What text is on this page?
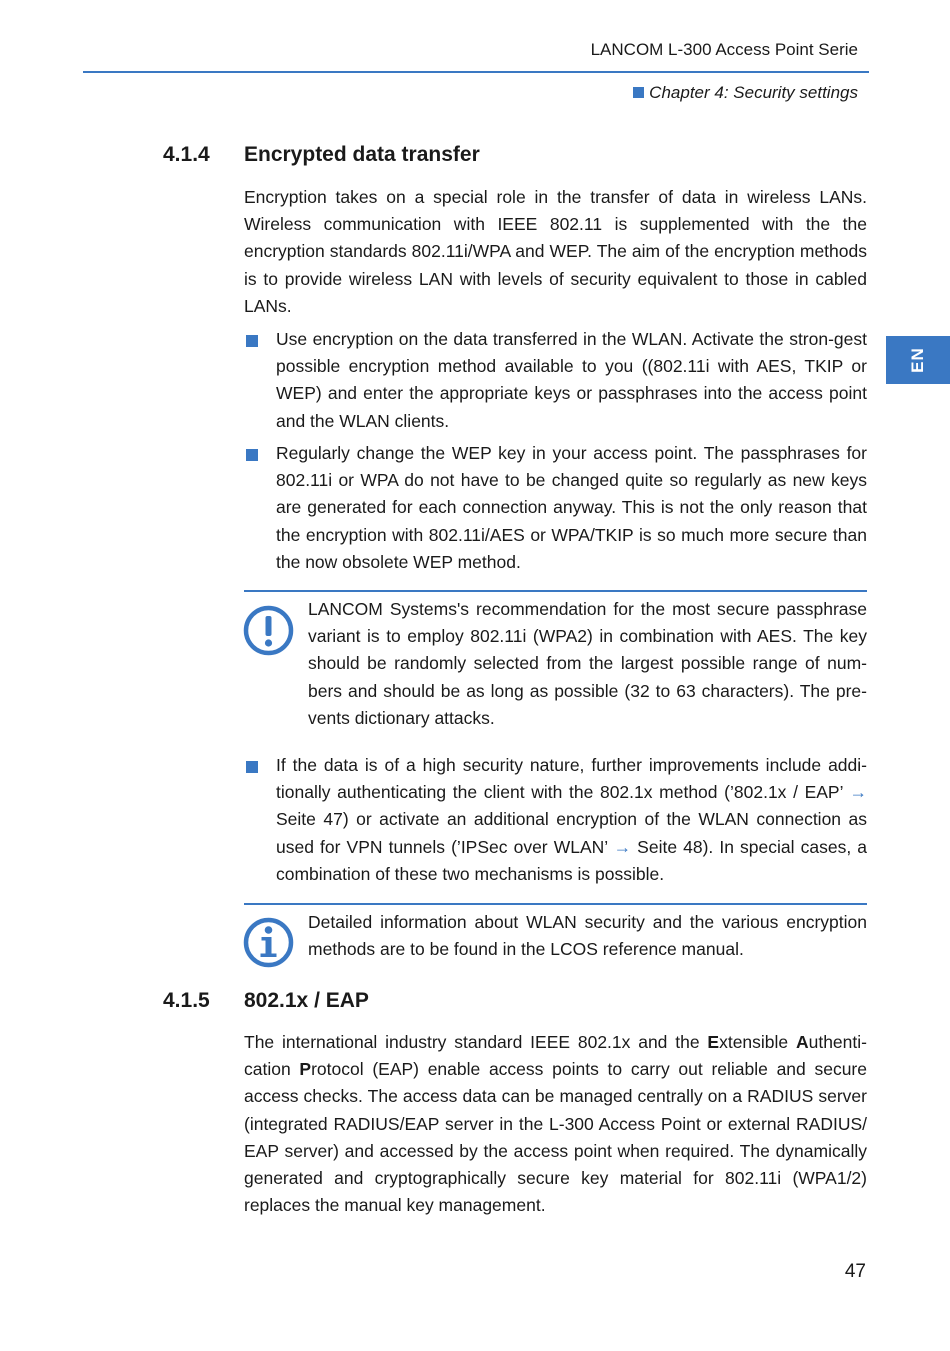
LANCOM L-300 Access Point Serie
Chapter 4: Security settings
EN
4.1.4 Encrypted data transfer
Encryption takes on a special role in the transfer of data in wireless LANs. Wireless communication with IEEE 802.11 is supplemented with the the encryption standards 802.11i/WPA and WEP. The aim of the encryption methods is to provide wireless LAN with levels of security equivalent to those in cabled LANs.
Use encryption on the data transferred in the WLAN. Activate the stron-gest possible encryption method available to you ((802.11i with AES, TKIP or WEP) and enter the appropriate keys or passphrases into the access point and the WLAN clients.
Regularly change the WEP key in your access point. The passphrases for 802.11i or WPA do not have to be changed quite so regularly as new keys are generated for each connection anyway. This is not the only reason that the encryption with 802.11i/AES or WPA/TKIP is so much more secure than the now obsolete WEP method.
LANCOM Systems's recommendation for the most secure passphrase variant is to employ 802.11i (WPA2) in combination with AES. The key should be randomly selected from the largest possible range of num-bers and should be as long as possible (32 to 63 characters). The pre-vents dictionary attacks.
If the data is of a high security nature, further improvements include addi-tionally authenticating the client with the 802.1x method (’802.1x / EAP’ → Seite 47) or activate an additional encryption of the WLAN connection as used for VPN tunnels (’IPSec over WLAN’ → Seite 48). In special cases, a combination of these two mechanisms is possible.
Detailed information about WLAN security and the various encryption methods are to be found in the LCOS reference manual.
4.1.5 802.1x / EAP
The international industry standard IEEE 802.1x and the Extensible Authenti-cation Protocol (EAP) enable access points to carry out reliable and secure access checks. The access data can be managed centrally on a RADIUS server (integrated RADIUS/EAP server in the L-300 Access Point or external RADIUS/ EAP server) and accessed by the access point when required. The dynamically generated and cryptographically secure key material for 802.11i (WPA1/2) replaces the manual key management.
47
